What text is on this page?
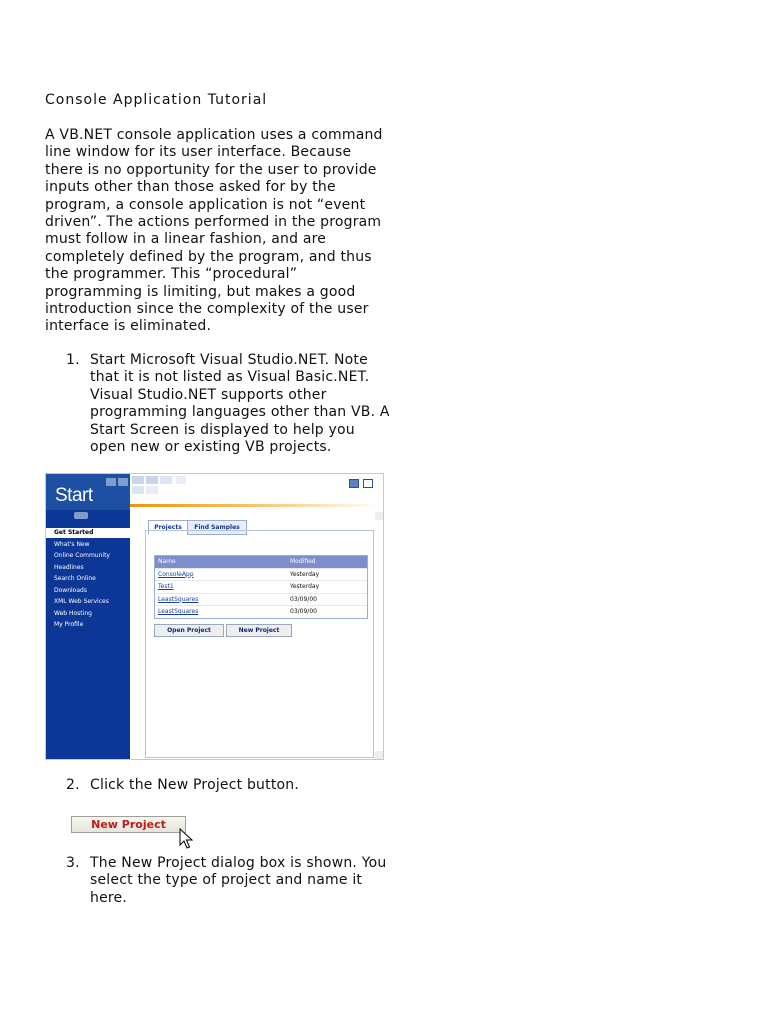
Console Application Tutorial

A VB.NET console application uses a command line window for its user interface. Because there is no opportunity for the user to provide inputs other than those asked for by the program, a console application is not “event driven”. The actions performed in the program must follow in a linear fashion, and are completely defined by the program, and thus the programmer. This “procedural” programming is limiting, but makes a good introduction since the complexity of the user interface is eliminated.

1. Start Microsoft Visual Studio.NET. Note that it is not listed as Visual Basic.NET. Visual Studio.NET supports other programming languages other than VB. A Start Screen is displayed to help you open new or existing VB projects.
Start
Get Started
What's New
Online Community
Headlines
Search Online
Downloads
XML Web Services
Web Hosting
My Profile
Projects	Find Samples
Name	Modified
ConsoleApp	Yesterday
Test1	Yesterday
LeastSquares	03/09/00
LeastSquares	03/09/00
Open Project	New Project
2. Click the New Project button.
New Project
3. The New Project dialog box is shown. You select the type of project and name it here.
